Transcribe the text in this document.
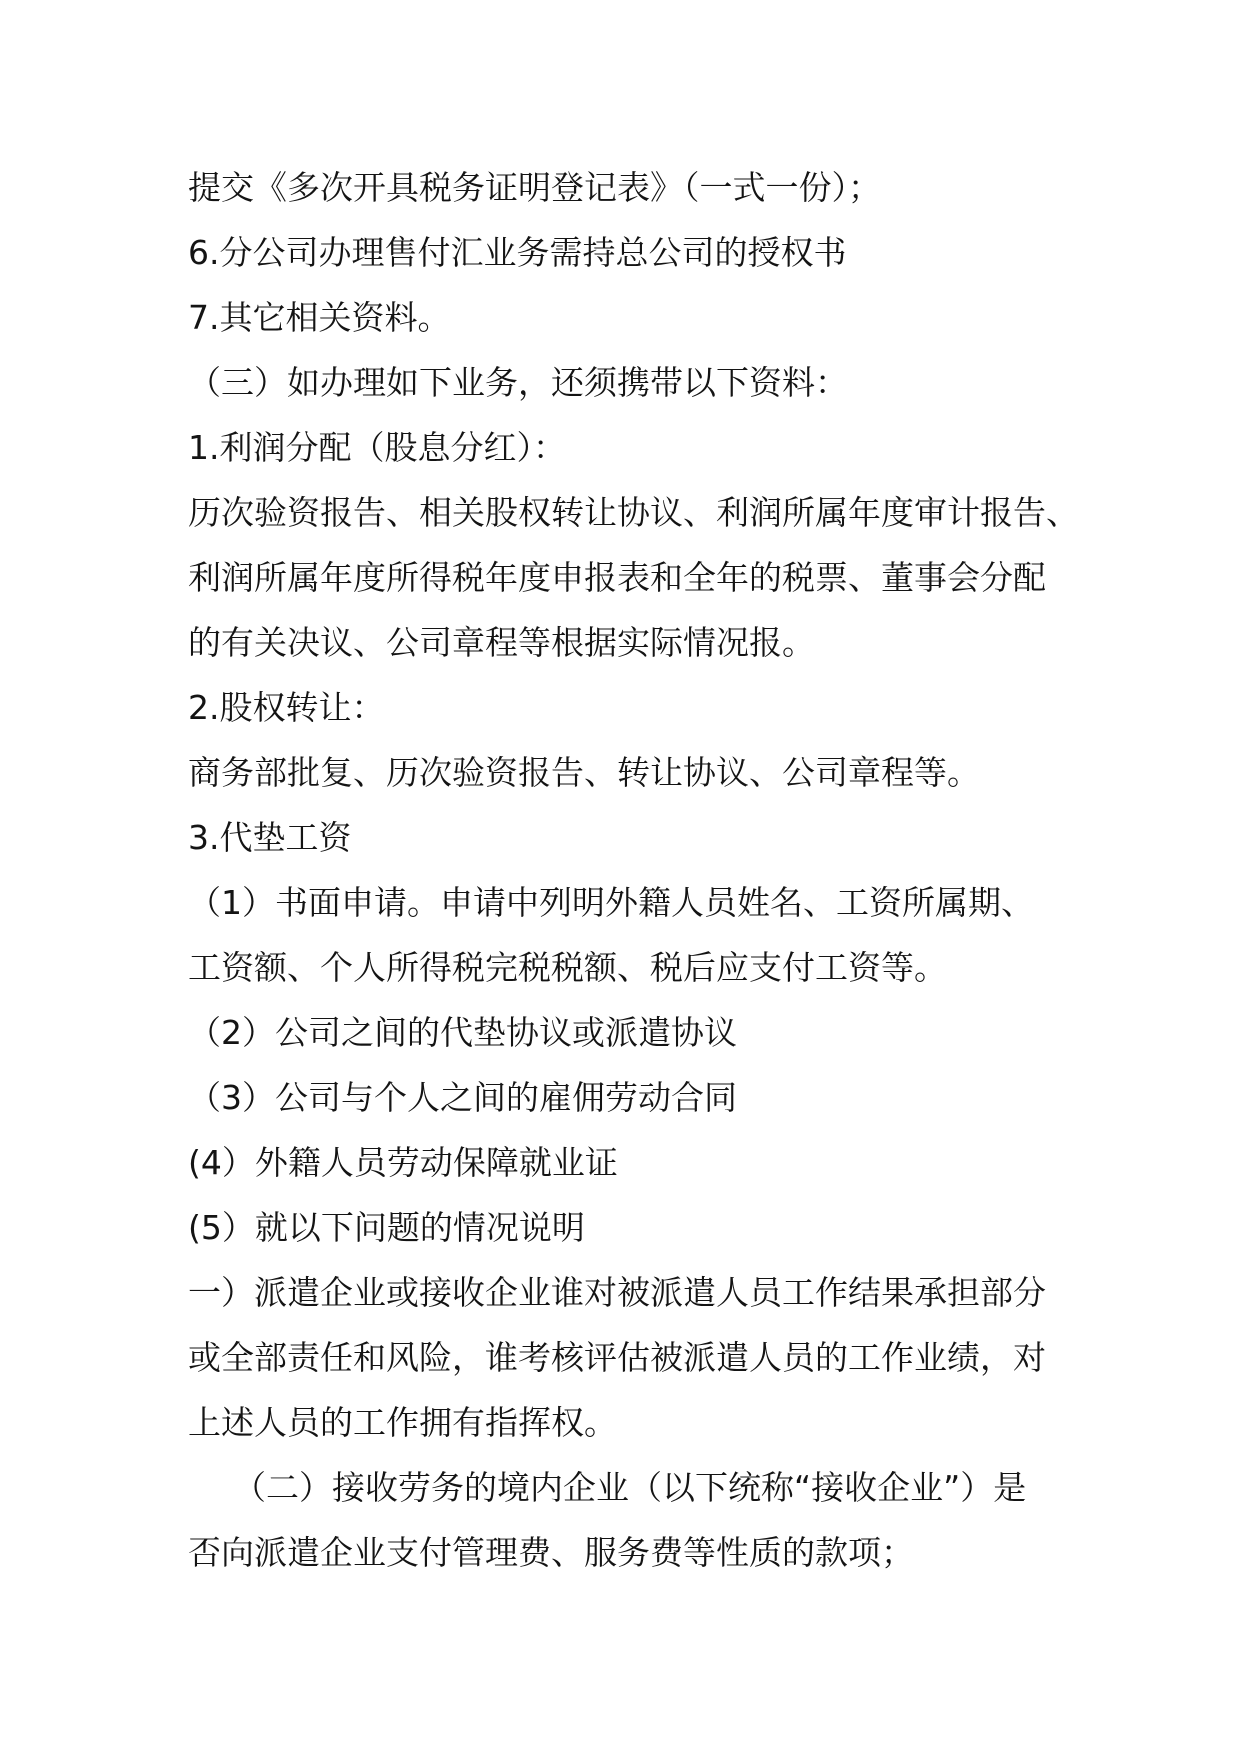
提交《多次开具税务证明登记表》（一式一份）；
6.分公司办理售付汇业务需持总公司的授权书
7.其它相关资料。
（三）如办理如下业务，还须携带以下资料：
1.利润分配（股息分红）：
历次验资报告、相关股权转让协议、利润所属年度审计报告、
利润所属年度所得税年度申报表和全年的税票、董事会分配
的有关决议、公司章程等根据实际情况报。
2.股权转让：
商务部批复、历次验资报告、转让协议、公司章程等。
3.代垫工资
（1）书面申请。申请中列明外籍人员姓名、工资所属期、
工资额、个人所得税完税税额、税后应支付工资等。
（2）公司之间的代垫协议或派遣协议
（3）公司与个人之间的雇佣劳动合同
(4）外籍人员劳动保障就业证
(5）就以下问题的情况说明
一）派遣企业或接收企业谁对被派遣人员工作结果承担部分
或全部责任和风险，谁考核评估被派遣人员的工作业绩，对
上述人员的工作拥有指挥权。
（二）接收劳务的境内企业（以下统称“接收企业”）是
否向派遣企业支付管理费、服务费等性质的款项；
